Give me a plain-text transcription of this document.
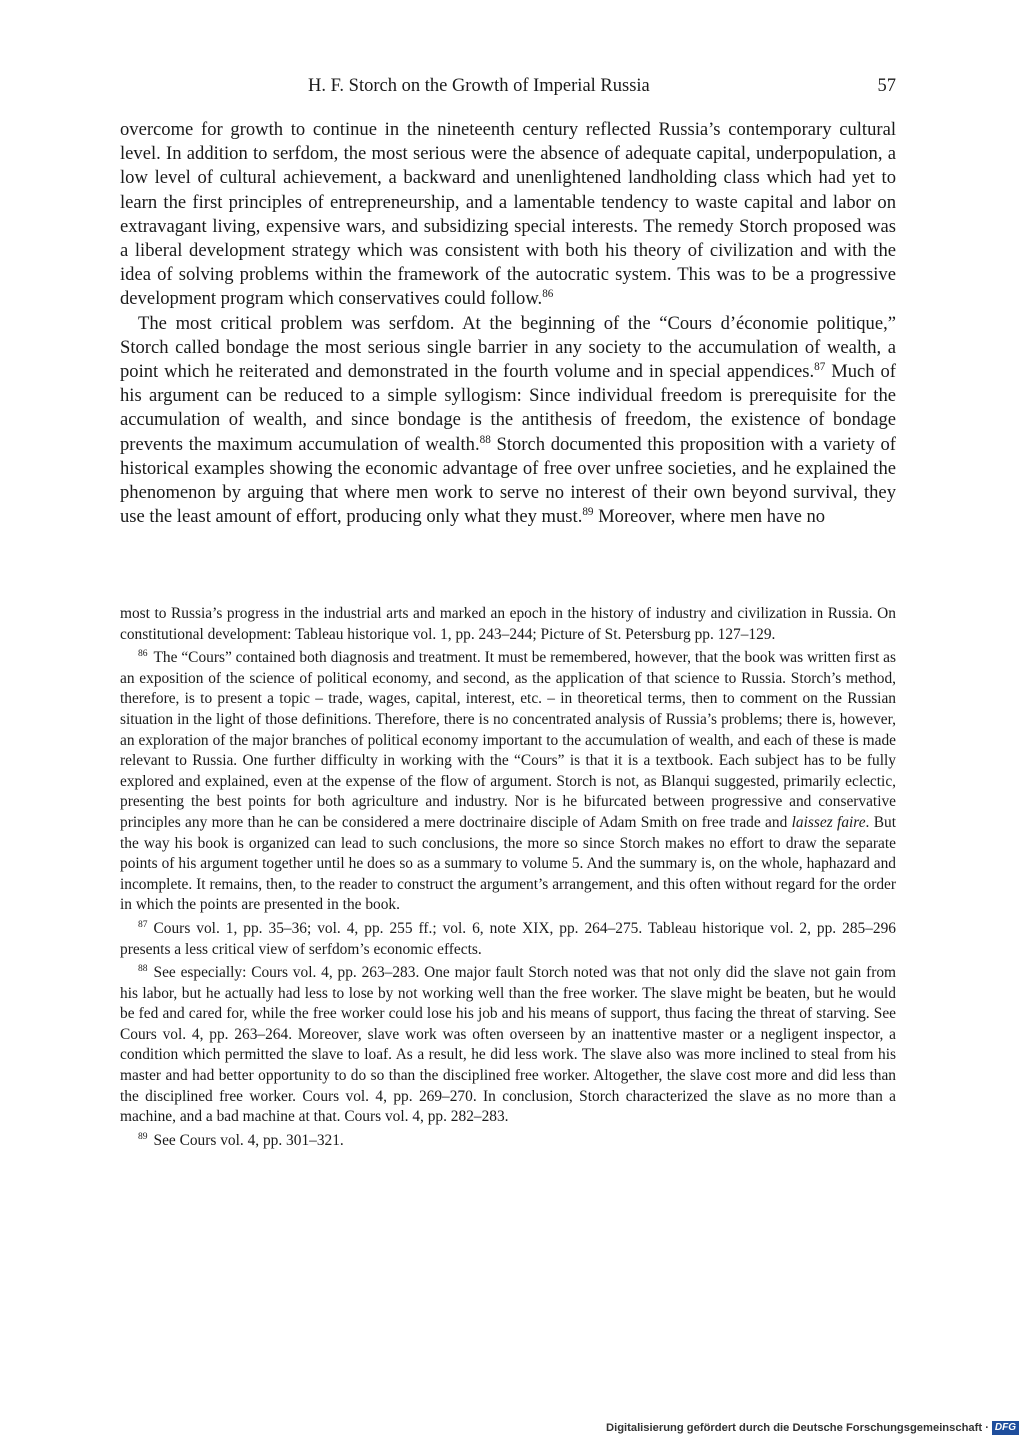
H. F. Storch on the Growth of Imperial Russia	57

overcome for growth to continue in the nineteenth century reflected Russia’s contemporary cultural level. In addition to serfdom, the most serious were the absence of adequate capital, underpopulation, a low level of cultural achievement, a backward and unenlightened landholding class which had yet to learn the first principles of entrepreneurship, and a lamentable tendency to waste capital and labor on extravagant living, expensive wars, and subsidizing special interests. The remedy Storch proposed was a liberal development strategy which was consistent with both his theory of civilization and with the idea of solving problems within the framework of the autocratic system. This was to be a progressive development program which conservatives could follow.$^{86}$

The most critical problem was serfdom. At the beginning of the “Cours d’économie politique,” Storch called bondage the most serious single barrier in any society to the accumulation of wealth, a point which he reiterated and demonstrated in the fourth volume and in special appendices.$^{87}$ Much of his argument can be reduced to a simple syllogism: Since individual freedom is prerequisite for the accumulation of wealth, and since bondage is the antithesis of freedom, the existence of bondage prevents the maximum accumulation of wealth.$^{88}$ Storch documented this proposition with a variety of historical examples showing the economic advantage of free over unfree societies, and he explained the phenomenon by arguing that where men work to serve no interest of their own beyond survival, they use the least amount of effort, producing only what they must.$^{89}$ Moreover, where men have no

most to Russia’s progress in the industrial arts and marked an epoch in the history of industry and civilization in Russia. On constitutional development: Tableau historique vol. 1, pp. 243–244; Picture of St. Petersburg pp. 127–129.

$^{86}$ The “Cours” contained both diagnosis and treatment. It must be remembered, however, that the book was written first as an exposition of the science of political economy, and second, as the application of that science to Russia. Storch’s method, therefore, is to present a topic – trade, wages, capital, interest, etc. – in theoretical terms, then to comment on the Russian situation in the light of those definitions. Therefore, there is no concentrated analysis of Russia’s problems; there is, however, an exploration of the major branches of political economy important to the accumulation of wealth, and each of these is made relevant to Russia. One further difficulty in working with the “Cours” is that it is a textbook. Each subject has to be fully explored and explained, even at the expense of the flow of argument. Storch is not, as Blanqui suggested, primarily eclectic, presenting the best points for both agriculture and industry. Nor is he bifurcated between progressive and conservative principles any more than he can be considered a mere doctrinaire disciple of Adam Smith on free trade and laissez faire. But the way his book is organized can lead to such conclusions, the more so since Storch makes no effort to draw the separate points of his argument together until he does so as a summary to volume 5. And the summary is, on the whole, haphazard and incomplete. It remains, then, to the reader to construct the argument’s arrangement, and this often without regard for the order in which the points are presented in the book.

$^{87}$ Cours vol. 1, pp. 35–36; vol. 4, pp. 255 ff.; vol. 6, note XIX, pp. 264–275. Tableau historique vol. 2, pp. 285–296 presents a less critical view of serfdom’s economic effects.

$^{88}$ See especially: Cours vol. 4, pp. 263–283. One major fault Storch noted was that not only did the slave not gain from his labor, but he actually had less to lose by not working well than the free worker. The slave might be beaten, but he would be fed and cared for, while the free worker could lose his job and his means of support, thus facing the threat of starving. See Cours vol. 4, pp. 263–264. Moreover, slave work was often overseen by an inattentive master or a negligent inspector, a condition which permitted the slave to loaf. As a result, he did less work. The slave also was more inclined to steal from his master and had better opportunity to do so than the disciplined free worker. Altogether, the slave cost more and did less than the disciplined free worker. Cours vol. 4, pp. 269–270. In conclusion, Storch characterized the slave as no more than a machine, and a bad machine at that. Cours vol. 4, pp. 282–283.

$^{89}$ See Cours vol. 4, pp. 301–321.

Digitalisierung gefördert durch die Deutsche Forschungsgemeinschaft · DFG
